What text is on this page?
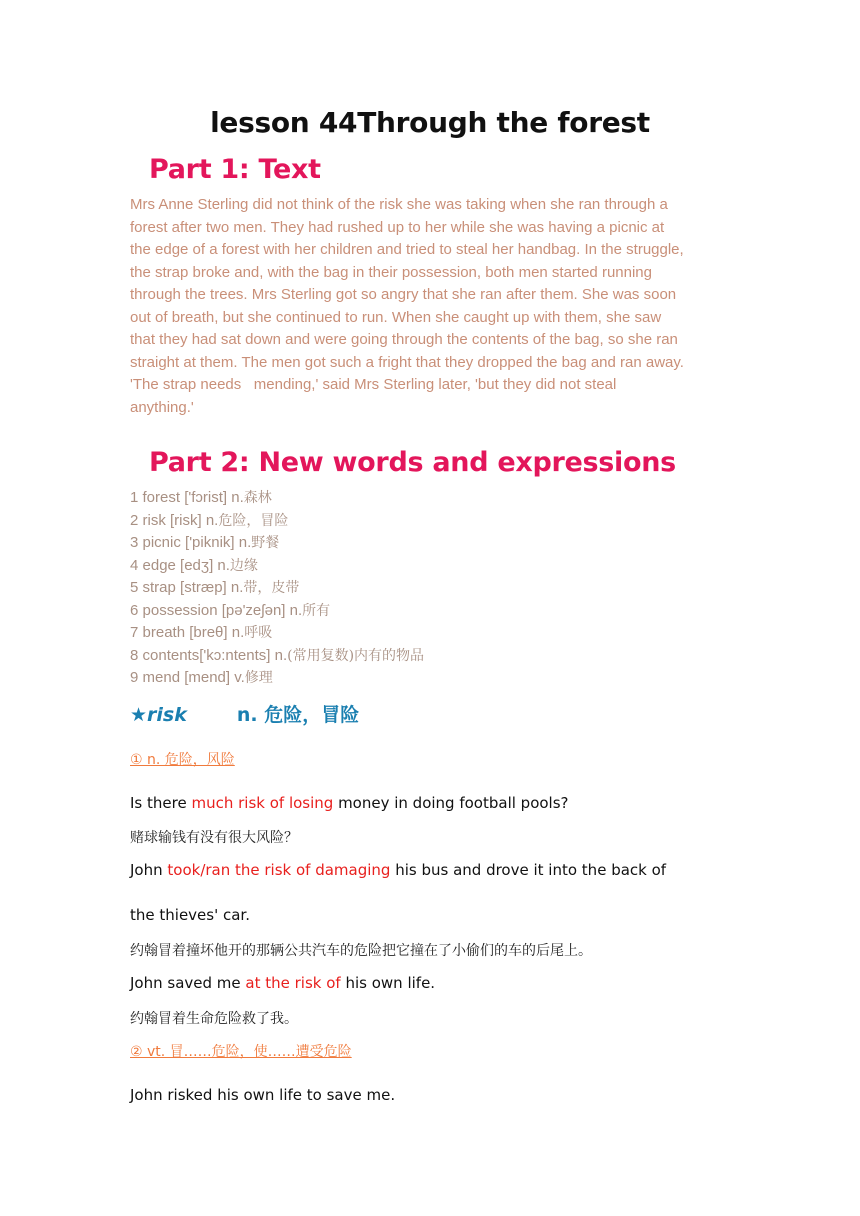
lesson 44Through the forest
Part 1: Text

Mrs Anne Sterling did not think of the risk she was taking when she ran through a

forest after two men. They had rushed up to her while she was having a picnic at

the edge of a forest with her children and tried to steal her handbag. In the struggle,

the strap broke and, with the bag in their possession, both men started running

through the trees. Mrs Sterling got so angry that she ran after them. She was soon

out of breath, but she continued to run. When she caught up with them, she saw

that they had sat down and were going through the contents of the bag, so she ran

straight at them. The men got such a fright that they dropped the bag and ran away.

'The strap needs   mending,' said Mrs Sterling later, 'but they did not steal

anything.'

Part 2: New words and expressions
1 forest ['fɔrist] n.森林
2 risk [risk] n.危险，冒险
3 picnic ['piknik] n.野餐
4 edge [edʒ] n.边缘
5 strap [stræp] n.带，皮带
6 possession [pə'zeʃən] n.所有
7 breath [breθ] n.呼吸
8 contents['kɔ:ntents] n.(常用复数)内有的物品
9 mend [mend] v.修理
★risk	n. 危险，冒险
① n. 危险，风险
Is there much risk of losing money in doing football pools?
赌球输钱有没有很大风险？
John took/ran the risk of damaging his bus and drove it into the back of
the thieves' car.
约翰冒着撞坏他开的那辆公共汽车的危险把它撞在了小偷们的车的后尾上。
John saved me at the risk of his own life.
约翰冒着生命危险救了我。
② vt. 冒……危险，使……遭受危险
John risked his own life to save me.
